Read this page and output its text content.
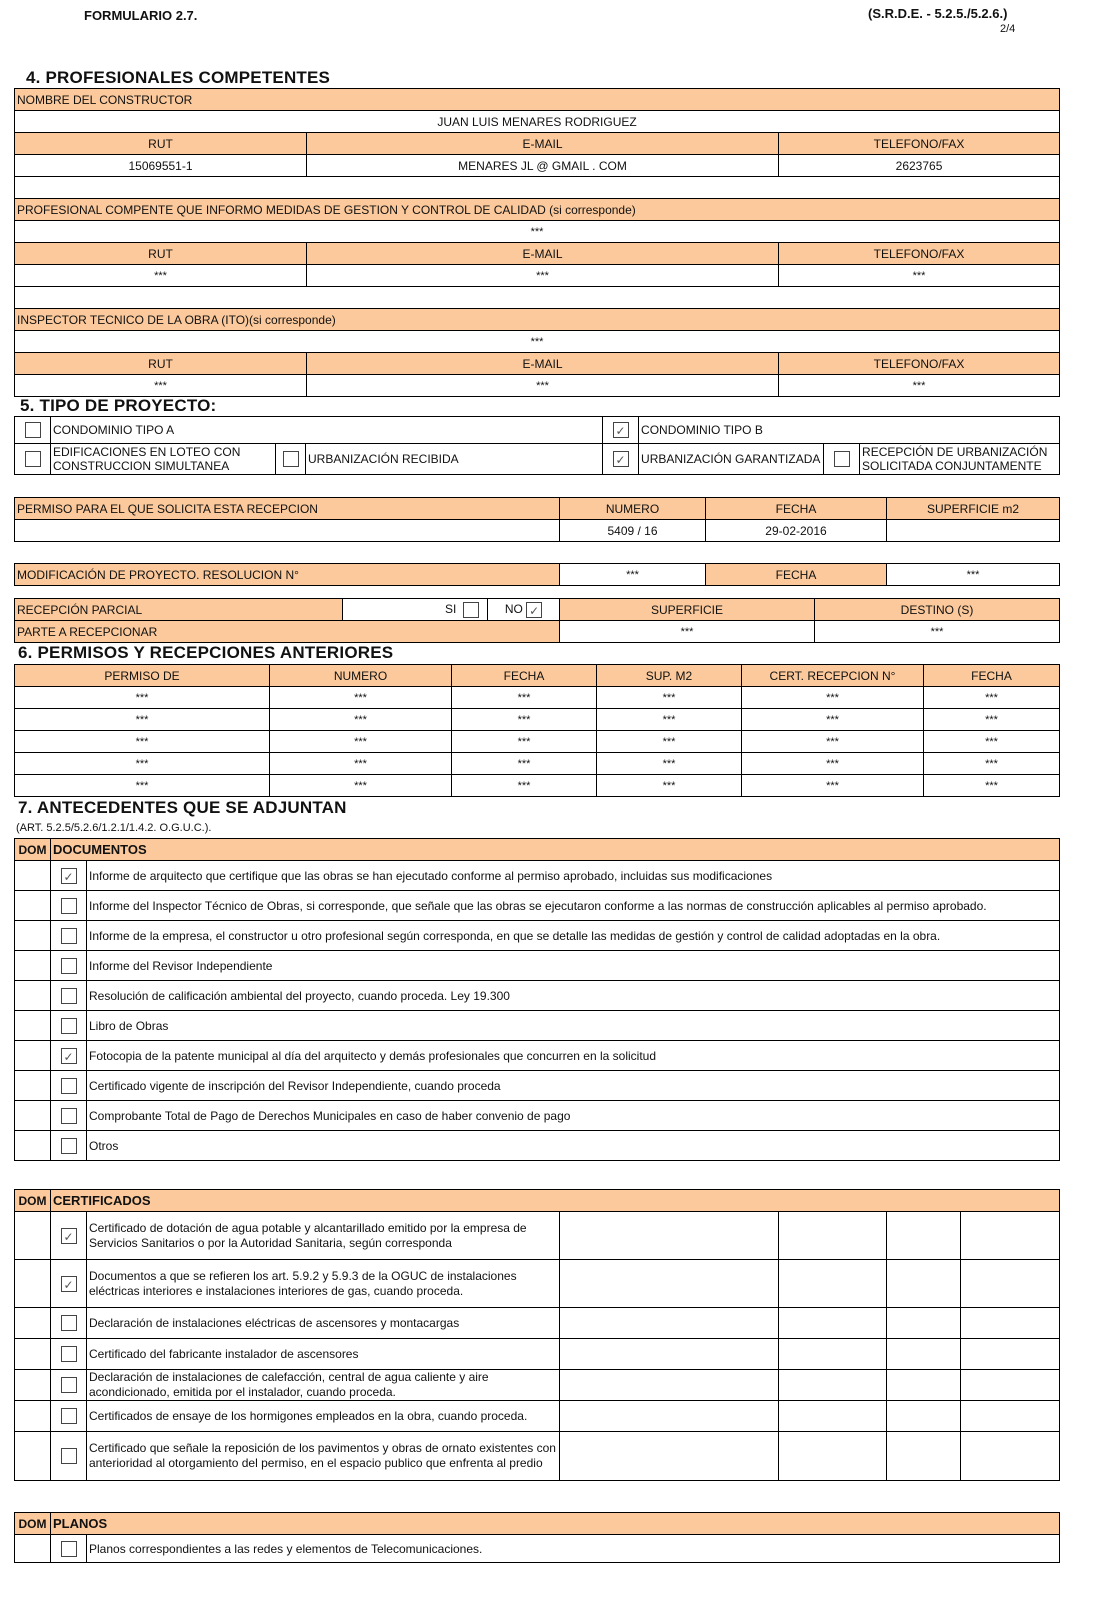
FORMULARIO 2.7.	(S.R.D.E. - 5.2.5./5.2.6.)
2/4
4. PROFESIONALES COMPETENTES
NOMBRE DEL CONSTRUCTOR		
JUAN LUIS MENARES RODRIGUEZ		
RUT	E-MAIL	TELEFONO/FAX
15069551-1	MENARES JL @ GMAIL . COM	2623765

PROFESIONAL COMPENTE QUE INFORMO MEDIDAS DE GESTION Y CONTROL DE CALIDAD (si corresponde)		
***		
RUT	E-MAIL	TELEFONO/FAX
***	***	***

INSPECTOR TECNICO DE LA OBRA (ITO)(si corresponde)		
***		
RUT	E-MAIL	TELEFONO/FAX
***	***	***
5. TIPO DE PROYECTO:
	CONDOMINIO TIPO A			✓	CONDOMINIO TIPO B		
	EDIFICACIONES EN LOTEO CON CONSTRUCCION SIMULTANEA		URBANIZACIÓN RECIBIDA	✓	URBANIZACIÓN GARANTIZADA		RECEPCIÓN DE URBANIZACIÓN SOLICITADA CONJUNTAMENTE
PERMISO PARA EL QUE SOLICITA ESTA RECEPCION	NUMERO	FECHA	SUPERFICIE m2
	5409 / 16	29-02-2016	
MODIFICACIÓN DE PROYECTO. RESOLUCION N°	***	FECHA	***
RECEPCIÓN PARCIAL	SI	NO ✓	SUPERFICIE	DESTINO (S)
PARTE A RECEPCIONAR			***	***
6. PERMISOS Y RECEPCIONES ANTERIORES
PERMISO DE	NUMERO	FECHA	SUP. M2	CERT. RECEPCION N°	FECHA
***	***	***	***	***	***
***	***	***	***	***	***
***	***	***	***	***	***
***	***	***	***	***	***
***	***	***	***	***	***
7. ANTECEDENTES QUE SE ADJUNTAN
(ART. 5.2.5/5.2.6/1.2.1/1.4.2. O.G.U.C.).
DOM	DOCUMENTOS	
	✓	Informe de arquitecto que certifique que las obras se han ejecutado conforme al permiso aprobado, incluidas sus modificaciones
		Informe del Inspector Técnico de Obras, si corresponde, que señale que las obras se ejecutaron conforme a las normas de construcción aplicables al permiso aprobado.
		Informe de la empresa, el constructor u otro profesional según corresponda, en que se detalle las medidas de gestión y control de calidad adoptadas en la obra.
		Informe del Revisor Independiente
		Resolución de calificación ambiental del proyecto, cuando proceda. Ley 19.300
		Libro de Obras
	✓	Fotocopia de la patente municipal al día del arquitecto y demás profesionales que concurren en la solicitud
		Certificado vigente de inscripción del Revisor Independiente, cuando proceda
		Comprobante Total de Pago de Derechos Municipales en caso de haber convenio de pago
		Otros
DOM	CERTIFICADOS					
	✓	Certificado de dotación de agua potable y alcantarillado emitido por la empresa de Servicios Sanitarios o por la Autoridad Sanitaria, según corresponda				
	✓	Documentos a que se refieren los art. 5.9.2 y 5.9.3 de la OGUC de instalaciones eléctricas interiores e instalaciones interiores de gas, cuando proceda.				
		Declaración de instalaciones eléctricas de ascensores y montacargas				
		Certificado del fabricante instalador de ascensores				
		Declaración de instalaciones de calefacción, central de agua caliente y aire acondicionado, emitida por el instalador, cuando proceda.				
		Certificados de ensaye de los hormigones empleados en la obra, cuando proceda.				
		Certificado que señale la reposición de los pavimentos y obras de ornato existentes con anterioridad al otorgamiento del permiso, en el espacio publico que enfrenta al predio				
DOM	PLANOS	
		Planos correspondientes a las redes y elementos de Telecomunicaciones.
